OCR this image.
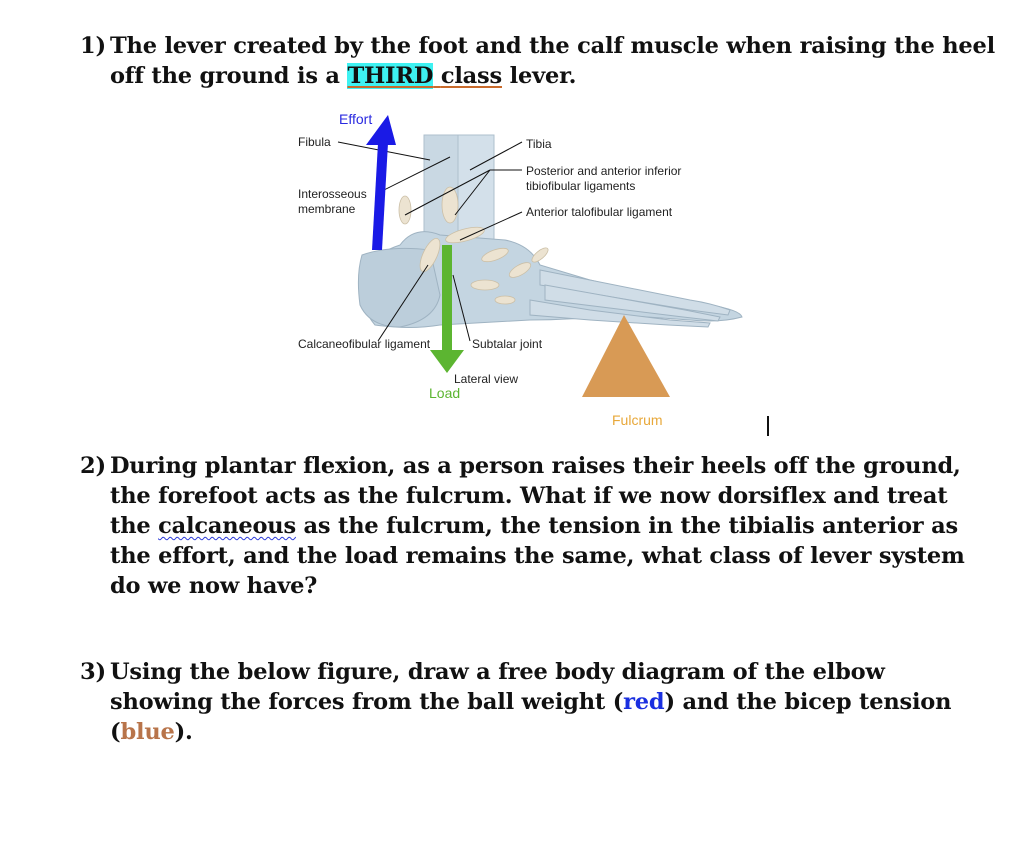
1) The lever created by the foot and the calf muscle when raising the heel
off the ground is a THIRD class lever.
Effort
Fibula
Interosseous
membrane
Tibia
Posterior and anterior inferior
tibiofibular ligaments
Anterior talofibular ligament
Calcaneofibular ligament	Subtalar joint
Lateral view
Load
Fulcrum
2) During plantar flexion, as a person raises their heels off the ground,
the forefoot acts as the fulcrum. What if we now dorsiflex and treat
the calcaneous as the fulcrum, the tension in the tibialis anterior as
the effort, and the load remains the same, what class of lever system
do we now have?
3) Using the below figure, draw a free body diagram of the elbow
showing the forces from the ball weight (red) and the bicep tension
(blue).
